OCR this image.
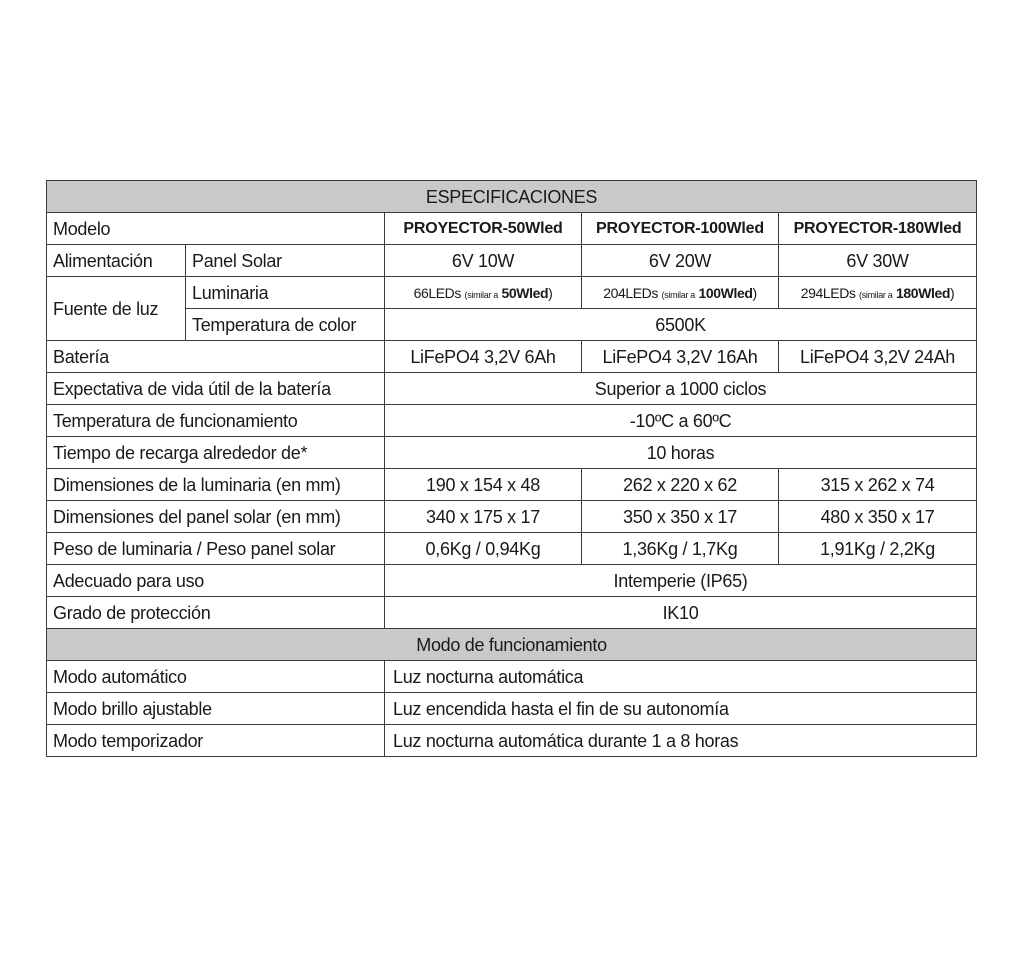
ESPECIFICACIONES				
Modelo		PROYECTOR-50Wled	PROYECTOR-100Wled	PROYECTOR-180Wled
Alimentación	Panel Solar	6V 10W	6V 20W	6V 30W
Fuente de luz	Luminaria	66LEDs (similar a 50Wled)	204LEDs (similar a 100Wled)	294LEDs (similar a 180Wled)
	Temperatura de color	6500K		
Batería		LiFePO4 3,2V 6Ah	LiFePO4 3,2V 16Ah	LiFePO4 3,2V 24Ah
Expectativa de vida útil de la batería		Superior a 1000 ciclos		
Temperatura de funcionamiento		-10ºC a 60ºC		
Tiempo de recarga alrededor de*		10 horas		
Dimensiones de la luminaria (en mm)		190 x 154 x 48	262 x 220 x 62	315 x 262 x 74
Dimensiones del panel solar (en mm)		340 x 175 x 17	350 x 350 x 17	480 x 350 x 17
Peso de luminaria / Peso panel solar		0,6Kg / 0,94Kg	1,36Kg / 1,7Kg	1,91Kg / 2,2Kg
Adecuado para uso		Intemperie (IP65)		
Grado de protección		IK10		
Modo de funcionamiento				
Modo automático		Luz nocturna automática		
Modo brillo ajustable		Luz encendida hasta el fin de su autonomía		
Modo temporizador		Luz nocturna automática durante 1 a 8 horas		
